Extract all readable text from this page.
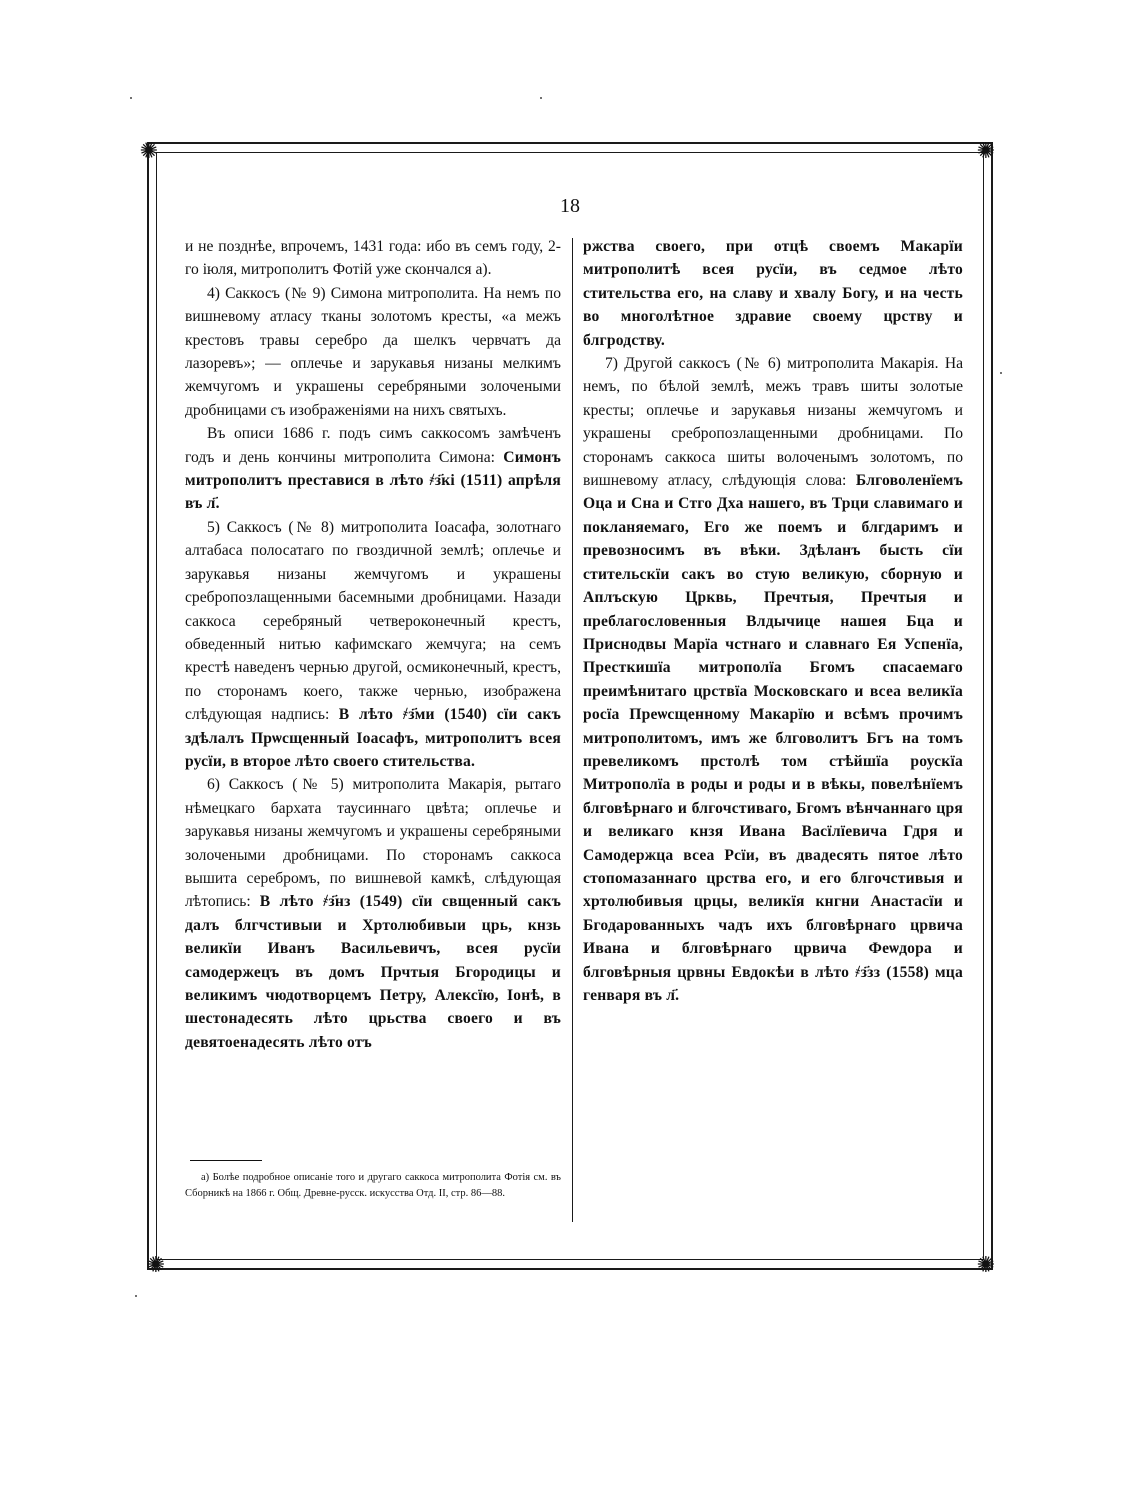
✺	✺
✺	✺
18

и не позднѣе, впрочемъ, 1431 года: ибо въ семъ году, 2-го іюля, митрополитъ Фотій уже скончался a).

4) Саккосъ (№ 9) Симона митрополита. На немъ по вишневому атласу тканы золотомъ кресты, «а межъ крестовъ травы серебро да шелкъ червчатъ да лазоревъ»; — оплечье и зарукавья низаны мелкимъ жемчугомъ и украшены серебряными золочеными дробницами съ изображеніями на нихъ святыхъ.

Въ описи 1686 г. подъ симъ саккосомъ замѣченъ годъ и день кончины митрополита Симона: Симонъ митрополитъ преставися в лѣто ҂з҃кі (1511) апрѣля въ л҃.

5) Саккосъ (№ 8) митрополита Іоасафа, золотнаго алтабаса полосатаго по гвоздичной землѣ; оплечье и зарукавья низаны жемчугомъ и украшены сребропозлащенными басемными дробницами. Назади саккоса серебряный четвероконечный крестъ, обведенный нитью кафимскаго жемчуга; на семъ крестѣ наведенъ чернью другой, осмиконечный, крестъ, по сторонамъ коего, также чернью, изображена слѣдующая надпись: В лѣто ҂з҃ми (1540) сїи сакъ здѣлалъ Прѡсщенный Іоасафъ, митрополитъ всея русїи, в второе лѣто своего стительства.

6) Саккосъ (№ 5) митрополита Макарія, рытаго нѣмецкаго бархата таусиннаго цвѣта; оплечье и зарукавья низаны жемчугомъ и украшены серебряными золочеными дробницами. По сторонамъ саккоса вышита серебромъ, по вишневой камкѣ, слѣдующая лѣтопись: В лѣто ҂з҃нз (1549) сїи свщенный сакъ далъ блгчстивыи и Хртолюбивыи црь, кнзь великїи Иванъ Васильевичъ, всея русїи самодержецъ въ домъ Прчтыя Бгородицы и великимъ чюдотворцемъ Петру, Алексїю, Іонѣ, в шестонадесять лѣто црьства своего и въ девятоенадесять лѣто отъ

ржства своего, при отцѣ своемъ Макарїи митрополитѣ всея русїи, въ седмое лѣто стительства его, на славу и хвалу Богу, и на честь во многолѣтное здравие своему црству и блгродству.

7) Другой саккосъ (№ 6) митрополита Макарія. На немъ, по бѣлой землѣ, межъ травъ шиты золотые кресты; оплечье и зарукавья низаны жемчугомъ и украшены сребропозлащенными дробницами. По сторонамъ саккоса шиты волоченымъ золотомъ, по вишневому атласу, слѣдующія слова: Блговоленїемъ Оца и Сна и Стго Дха нашего, въ Трци славимаго и покланяемаго, Его же поемъ и блгдаримъ и превозносимъ въ вѣки. Здѣланъ бысть сїи стительскїи сакъ во стую великую, сборную и Аплъскую Црквь, Пречтыя, Пречтыя и преблагословенныя Влдычице нашея Бца и Приснодвы Марїа чстнаго и славнаго Ея Успенїа, Престкишїа митрополїа Бгомъ спасаемаго преимѣнитаго црствїа Московскаго и всеа великїа росїа Преѡсщенному Макарїю и всѣмъ прочимъ митрополитомъ, имъ же блговолитъ Бгъ на томъ превеликомъ прстолѣ том стѣйшїа роускїа Митрополїа в роды и роды и в вѣкы, повелѣнїемъ блговѣрнаго и блгочстиваго, Бгомъ вѣнчаннаго цря и великаго кнзя Ивана Васїлїевича Гдря и Самодержца всеа Рсїи, въ двадесять пятое лѣто стопомазаннаго црства его, и его блгочстивыя и хртолюбивыя црцы, великїя кнгни Анастасїи и Бгодарованныхъ чадъ ихъ блговѣрнаго црвича Ивана и блговѣрнаго црвича Феѡдора и блговѣрныя црвны Евдокѣи в лѣто ҂з҃зз (1558) мца генваря въ л҃.

a) Болѣе подробное описаніе того и другаго саккоса митрополита Фотія см. въ Сборникѣ на 1866 г. Общ. Древне-русск. искусства Отд. II, стр. 86—88.
